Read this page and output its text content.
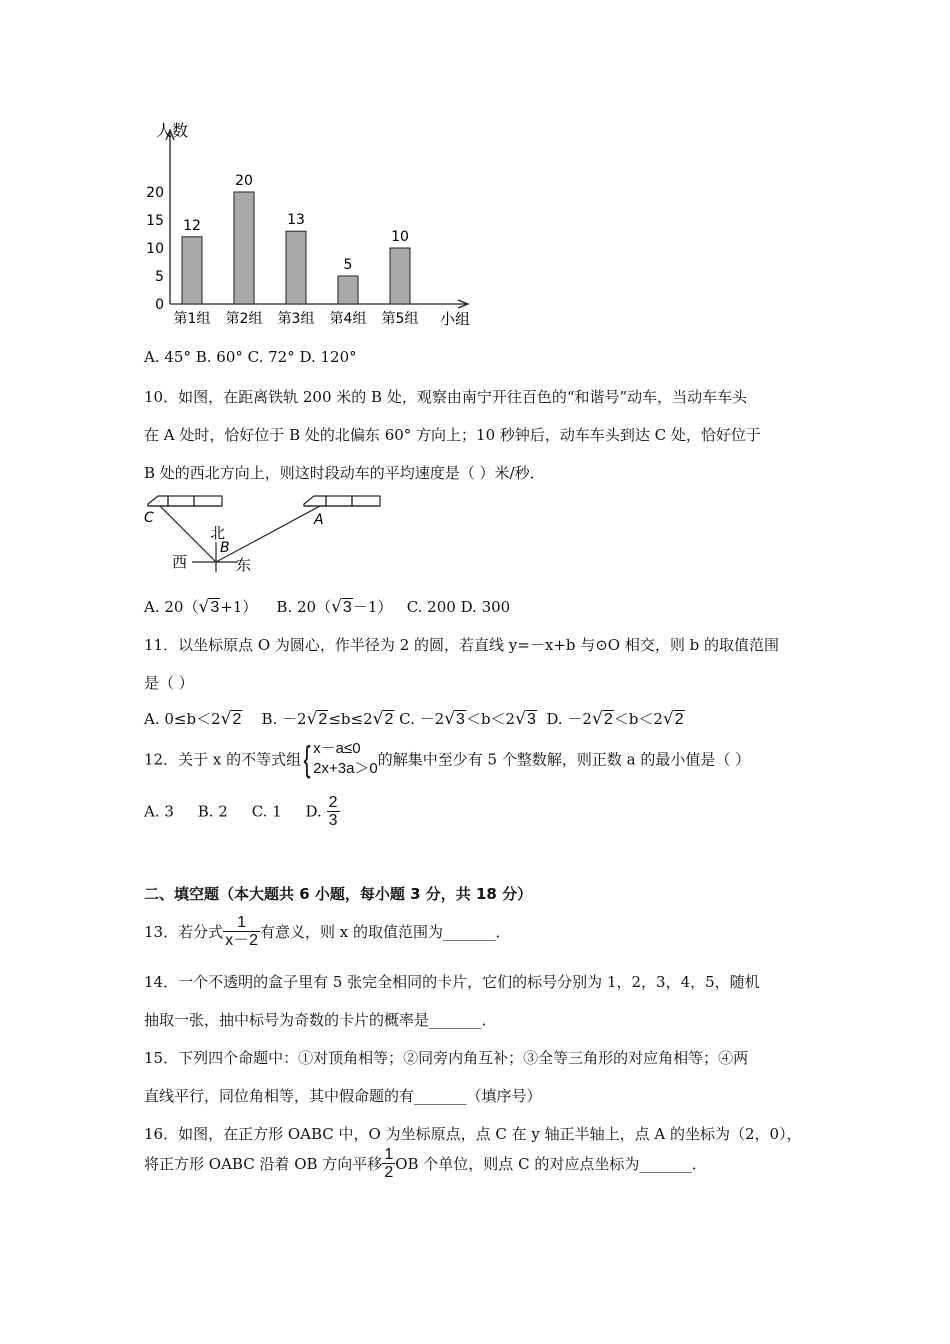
人数
小组
0
5
10
15
20
12
第1组
20
第2组
13
第3组
5
第4组
10
第5组
A. 45° B. 60° C. 72° D. 120°
10．如图，在距离铁轨 200 米的 B 处，观察由南宁开往百色的“和谐号”动车，当动车车头
在 A 处时，恰好位于 B 处的北偏东 60° 方向上；10 秒钟后，动车车头到达 C 处，恰好位于
B 处的西北方向上，则这时段动车的平均速度是（ ）米/秒．
C	A
B
北
西	东
A. 20（√3+1） B. 20（√3－1） C. 200 D. 300
11．以坐标原点 O 为圆心，作半径为 2 的圆，若直线 y=－x+b 与⊙O 相交，则 b 的取值范围
是（ ）
A. 0≤b＜2√2 B. －2√2≤b≤2√2 C. －2√3＜b＜2√3 D. －2√2＜b＜2√2
12．关于 x 的不等式组{ x－a≤0
2x+3a＞0 的解集中至少有 5 个整数解，则正数 a 的最小值是（ ）
A. 3     B. 2     C. 1     D. $\frac{2}{3}$
二、填空题（本大题共 6 小题，每小题 3 分，共 18 分）
13．若分式 $\frac{1}{x-2}$ 有意义，则 x 的取值范围为_______．
14．一个不透明的盒子里有 5 张完全相同的卡片，它们的标号分别为 1，2，3，4，5，随机
抽取一张，抽中标号为奇数的卡片的概率是_______．
15．下列四个命题中：①对顶角相等；②同旁内角互补；③全等三角形的对应角相等；④两
直线平行，同位角相等，其中假命题的有_______（填序号）
16．如图，在正方形 OABC 中，O 为坐标原点，点 C 在 y 轴正半轴上，点 A 的坐标为（2，0），
将正方形 OABC 沿着 OB 方向平移 $\frac{1}{2}$ OB 个单位，则点 C 的对应点坐标为_______．
